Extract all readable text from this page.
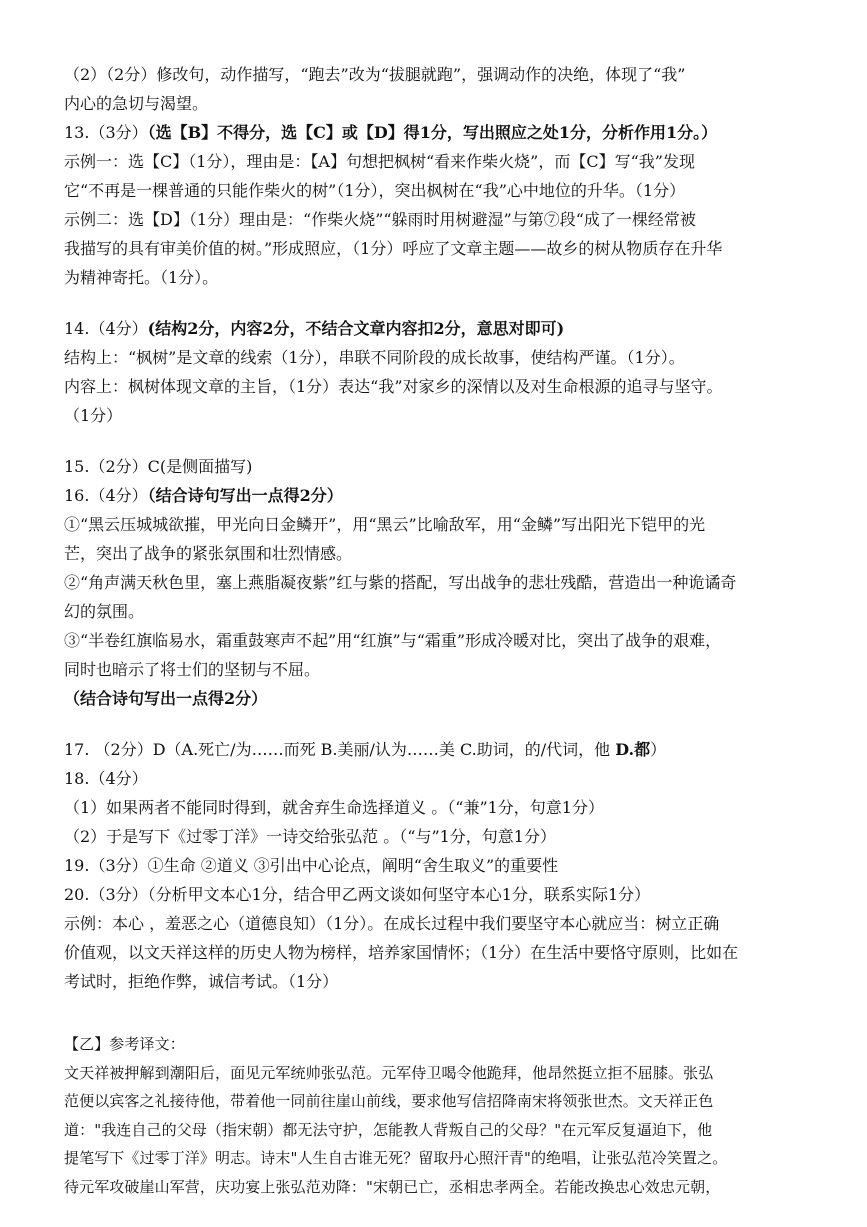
（2）（2分）修改句，动作描写，“跑去”改为“拔腿就跑”，强调动作的决绝，体现了“我”
内心的急切与渴望。
13.（3分）（选【B】不得分，选【C】或【D】得1分，写出照应之处1分，分析作用1分。）
示例一：选【C】（1分），理由是：【A】句想把枫树“看来作柴火烧”，而【C】写“我”发现
它“不再是一棵普通的只能作柴火的树”（1分），突出枫树在“我”心中地位的升华。（1分）
示例二：选【D】（1分）理由是：“作柴火烧”“躲雨时用树避湿”与第⑦段“成了一棵经常被
我描写的具有审美价值的树。”形成照应，（1分）呼应了文章主题——故乡的树从物质存在升华
为精神寄托。（1分）。
14.（4分）(结构2分，内容2分，不结合文章内容扣2分，意思对即可)
结构上：“枫树”是文章的线索（1分），串联不同阶段的成长故事，使结构严谨。（1分）。
内容上：枫树体现文章的主旨，（1分）表达“我”对家乡的深情以及对生命根源的追寻与坚守。
（1分）
15.（2分）C(是侧面描写)
16.（4分）（结合诗句写出一点得2分）
①“黑云压城城欲摧，甲光向日金鳞开”，用“黑云”比喻敌军，用“金鳞”写出阳光下铠甲的光
芒，突出了战争的紧张氛围和壮烈情感。
②“角声满天秋色里，塞上燕脂凝夜紫”红与紫的搭配，写出战争的悲壮残酷，营造出一种诡谲奇
幻的氛围。
③“半卷红旗临易水，霜重鼓寒声不起”用“红旗”与“霜重”形成冷暖对比，突出了战争的艰难，
同时也暗示了将士们的坚韧与不屈。
（结合诗句写出一点得2分）
17. （2分）D（A.死亡/为……而死 B.美丽/认为……美 C.助词，的/代词，他 D.都）
18.（4分）
（1）如果两者不能同时得到，就舍弃生命选择道义 。（“兼”1分，句意1分）
（2）于是写下《过零丁洋》一诗交给张弘范 。（“与”1分，句意1分）
19.（3分）①生命 ②道义 ③引出中心论点，阐明“舍生取义”的重要性
20.（3分）（分析甲文本心1分，结合甲乙两文谈如何坚守本心1分，联系实际1分）
示例：本心 ，羞恶之心（道德良知）（1分）。在成长过程中我们要坚守本心就应当：树立正确
价值观，以文天祥这样的历史人物为榜样，培养家国情怀；（1分）在生活中要恪守原则，比如在
考试时，拒绝作弊，诚信考试。（1分）
【乙】参考译文：
文天祥被押解到潮阳后，面见元军统帅张弘范。元军侍卫喝令他跪拜，他昂然挺立拒不屈膝。张弘
范便以宾客之礼接待他，带着他一同前往崖山前线，要求他写信招降南宋将领张世杰。文天祥正色
道："我连自己的父母（指宋朝）都无法守护，怎能教人背叛自己的父母？"在元军反复逼迫下，他
提笔写下《过零丁洋》明志。诗末"人生自古谁无死？留取丹心照汗青"的绝唱，让张弘范冷笑置之。
待元军攻破崖山军营，庆功宴上张弘范劝降："宋朝已亡，丞相忠孝两全。若能改换忠心效忠元朝，
